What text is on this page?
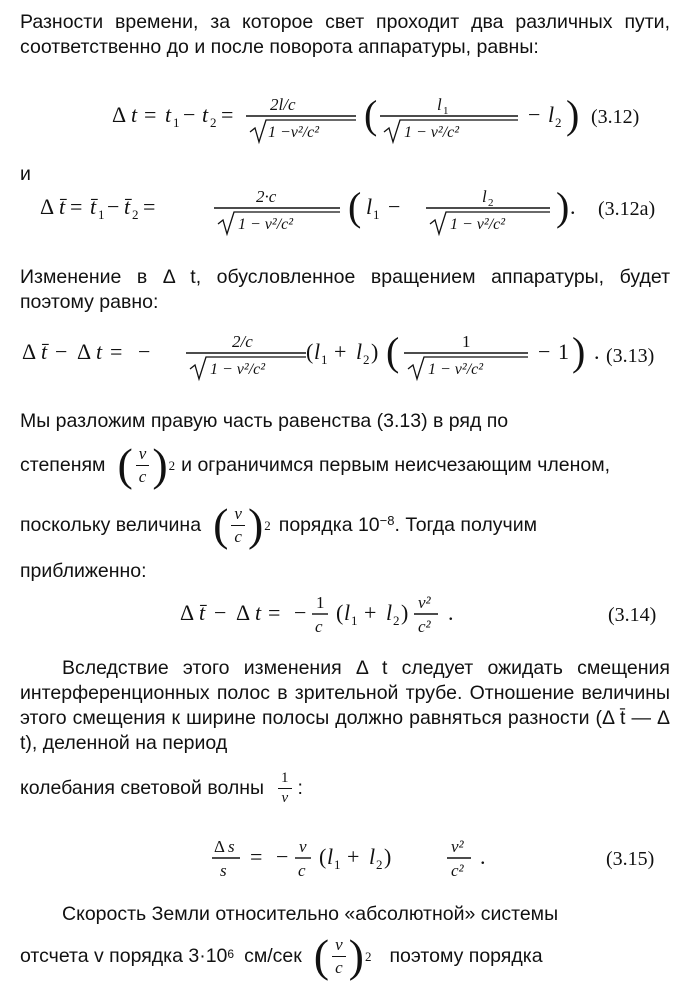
Разности времени, за которое свет проходит два различных пути, соответственно до и после поворота аппаратуры, равны:

Δ t = t 1 − t 2 = 2l/c
1 −v²/c² (	l 1
1 − v²/c²
− l 2 ) (3.12)

и

Δ t̄ = t̄ 1 − t̄ 2 =	2·c
1 − v²/c² ( l 1 −	l 2
1 − v²/c² ) . (3.12a)

Изменение в Δ t, обусловленное вращением аппаратуры, будет поэтому равно:

Δ t̄ − Δ t = −	2/c
1 − v²/c²
( l 1 + l 2 ) (	1
1 − v²/c²
− 1 ) . (3.13)

Мы разложим правую часть равенства (3.13) в ряд по

степеням ( $\frac{v}{c}$ ) 2 и ограничимся первым неисчезающим членом,
поскольку величина ( $\frac{v}{c}$ ) 2 порядка 10 −8 . Тогда получим

приближенно:

Δ t̄ − Δ t = − 1
c
( l 1 + l 2 ) v²
c²
.	(3.14)

Вследствие этого изменения Δ t следует ожидать смещения интерференционных полос в зрительной трубе. Отношение величины этого смещения к ширине полосы должно равняться разности (Δ t̄ — Δ t), деленной на период

колебания световой волны $\frac{1}{\nu}$ :
Δ s
s
= − ν
c
( l 1 + l 2 )	v²
c²
.	(3.15)

Скорость Земли относительно «абсолютной» системы

отсчета v порядка 3·10 6 см/сек ( $\frac{v}{c}$ ) 2 поэтому порядка
